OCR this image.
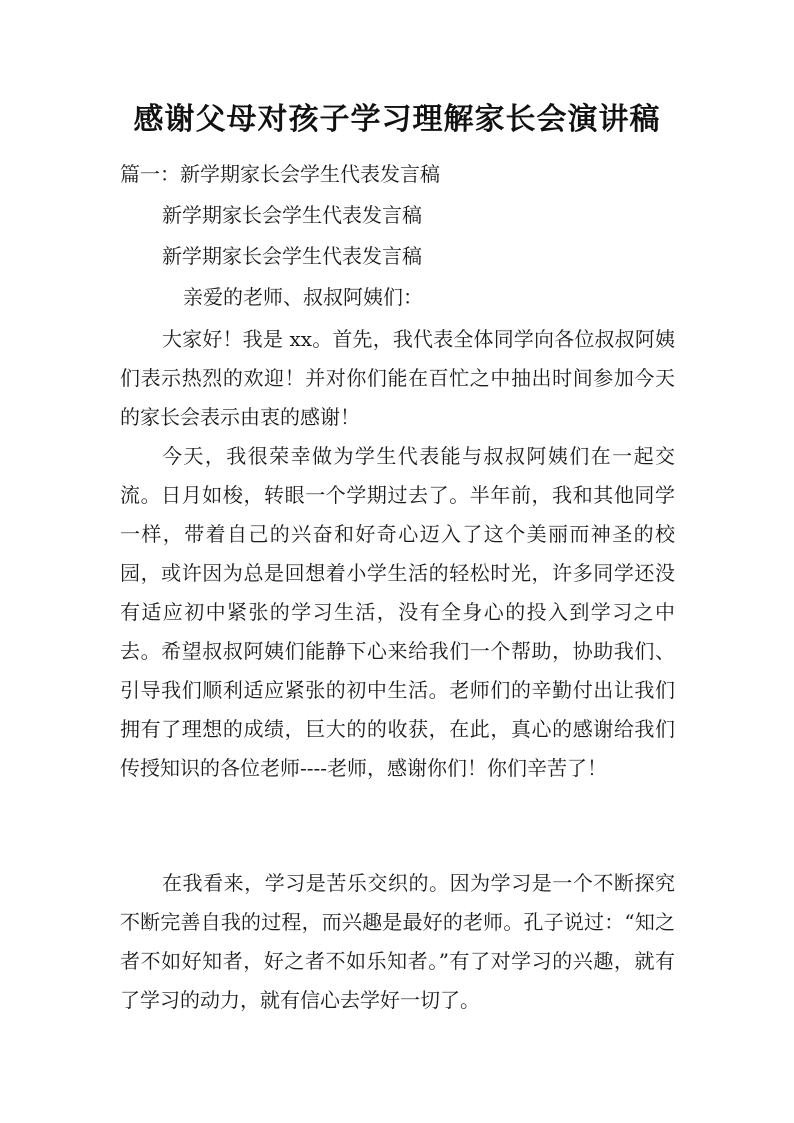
感谢父母对孩子学习理解家长会演讲稿

篇一：新学期家长会学生代表发言稿

新学期家长会学生代表发言稿

新学期家长会学生代表发言稿

亲爱的老师、叔叔阿姨们：

大家好！我是 xx。首先，我代表全体同学向各位叔叔阿姨们表示热烈的欢迎！并对你们能在百忙之中抽出时间参加今天的家长会表示由衷的感谢！

今天，我很荣幸做为学生代表能与叔叔阿姨们在一起交流。日月如梭，转眼一个学期过去了。半年前，我和其他同学一样，带着自己的兴奋和好奇心迈入了这个美丽而神圣的校园，或许因为总是回想着小学生活的轻松时光，许多同学还没有适应初中紧张的学习生活，没有全身心的投入到学习之中去。希望叔叔阿姨们能静下心来给我们一个帮助，协助我们、引导我们顺利适应紧张的初中生活。老师们的辛勤付出让我们拥有了理想的成绩，巨大的的收获，在此，真心的感谢给我们传授知识的各位老师----老师，感谢你们！你们辛苦了！

在我看来，学习是苦乐交织的。因为学习是一个不断探究不断完善自我的过程，而兴趣是最好的老师。孔子说过：“知之者不如好知者，好之者不如乐知者。”有了对学习的兴趣，就有了学习的动力，就有信心去学好一切了。
